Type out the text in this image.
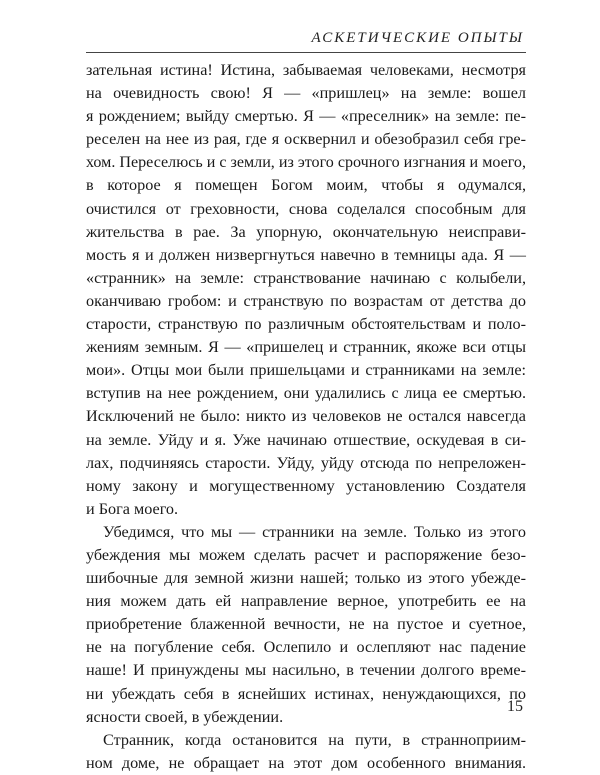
АСКЕТИЧЕСКИЕ ОПЫТЫ
зательная истина! Истина, забываемая человеками, несмотря
на очевидность свою! Я — «пришлец» на земле: вошел
я рождением; выйду смертью. Я — «преселник» на земле: пе-
реселен на нее из рая, где я осквернил и обезобразил себя гре-
хом. Переселюсь и с земли, из этого срочного изгнания и моего,
в которое я помещен Богом моим, чтобы я одумался,
очистился от греховности, снова соделался способным для
жительства в рае. За упорную, окончательную неисправи-
мость я и должен низвергнуться навечно в темницы ада. Я —
«странник» на земле: странствование начинаю с колыбели,
оканчиваю гробом: и странствую по возрастам от детства до
старости, странствую по различным обстоятельствам и поло-
жениям земным. Я — «пришелец и странник, якоже вси отцы
мои». Отцы мои были пришельцами и странниками на земле:
вступив на нее рождением, они удалились с лица ее смертью.
Исключений не было: никто из человеков не остался навсегда
на земле. Уйду и я. Уже начинаю отшествие, оскудевая в си-
лах, подчиняясь старости. Уйду, уйду отсюда по непреложен-
ному закону и могущественному установлению Создателя
и Бога моего.
Убедимся, что мы — странники на земле. Только из этого
убеждения мы можем сделать расчет и распоряжение безо-
шибочные для земной жизни нашей; только из этого убежде-
ния можем дать ей направление верное, употребить ее на
приобретение блаженной вечности, не на пустое и суетное,
не на погубление себя. Ослепило и ослепляют нас падение
наше! И принуждены мы насильно, в течении долгого време-
ни убеждать себя в яснейших истинах, ненуждающихся, по
ясности своей, в убеждении.
Странник, когда остановится на пути, в странноприим-
ном доме, не обращает на этот дом особенного внимания.
15
